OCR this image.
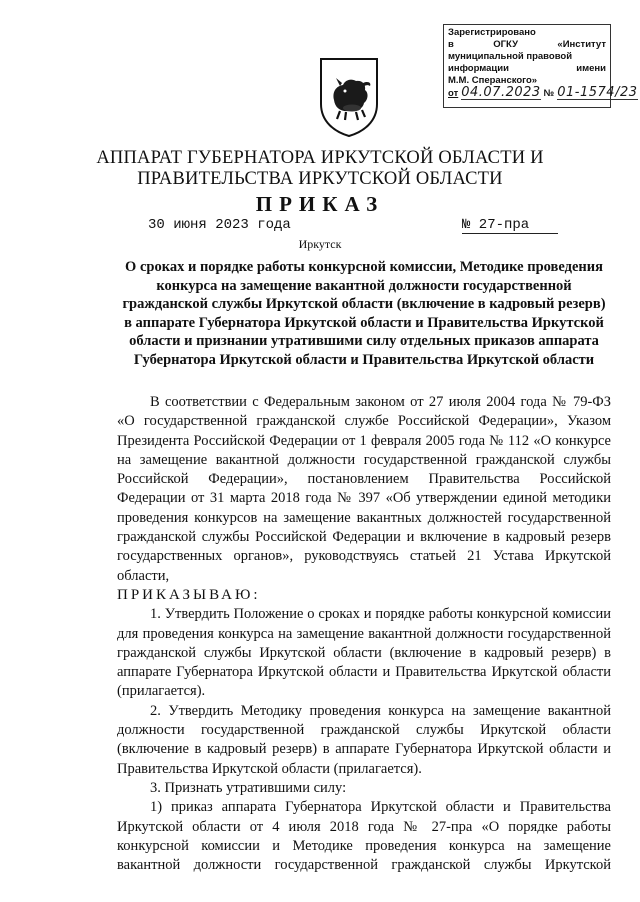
Зарегистрировано
в	ОГКУ	«Институт
муниципальной правовой
информации	имени
М.М. Сперанского»
от 04.07.2023 № 01-1574/23
АППАРАТ ГУБЕРНАТОРА ИРКУТСКОЙ ОБЛАСТИ И
ПРАВИТЕЛЬСТВА ИРКУТСКОЙ ОБЛАСТИ
ПРИКАЗ
30 июня 2023 года	№ 27-пра
Иркутск
О сроках и порядке работы конкурсной комиссии, Методике проведения конкурса на замещение вакантной должности государственной гражданской службы Иркутской области (включение в кадровый резерв) в аппарате Губернатора Иркутской области и Правительства Иркутской области и признании утратившими силу отдельных приказов аппарата Губернатора Иркутской области и Правительства Иркутской области

В соответствии с Федеральным законом от 27 июля 2004 года № 79-ФЗ «О государственной гражданской службе Российской Федерации», Указом Президента Российской Федерации от 1 февраля 2005 года № 112 «О конкурсе на замещение вакантной должности государственной гражданской службы Российской Федерации», постановлением Правительства Российской Федерации от 31 марта 2018 года № 397 «Об утверждении единой методики проведения конкурсов на замещение вакантных должностей государственной гражданской службы Российской Федерации и включение в кадровый резерв государственных органов», руководствуясь статьей 21 Устава Иркутской области,

ПРИКАЗЫВАЮ:

1. Утвердить Положение о сроках и порядке работы конкурсной комиссии для проведения конкурса на замещение вакантной должности государственной гражданской службы Иркутской области (включение в кадровый резерв) в аппарате Губернатора Иркутской области и Правительства Иркутской области (прилагается).

2. Утвердить Методику проведения конкурса на замещение вакантной должности государственной гражданской службы Иркутской области (включение в кадровый резерв) в аппарате Губернатора Иркутской области и Правительства Иркутской области (прилагается).

3. Признать утратившими силу:

1) приказ аппарата Губернатора Иркутской области и Правительства Иркутской области от 4 июля 2018 года № 27-пра «О порядке работы конкурсной комиссии и Методике проведения конкурса на замещение вакантной должности государственной гражданской службы Иркутской
